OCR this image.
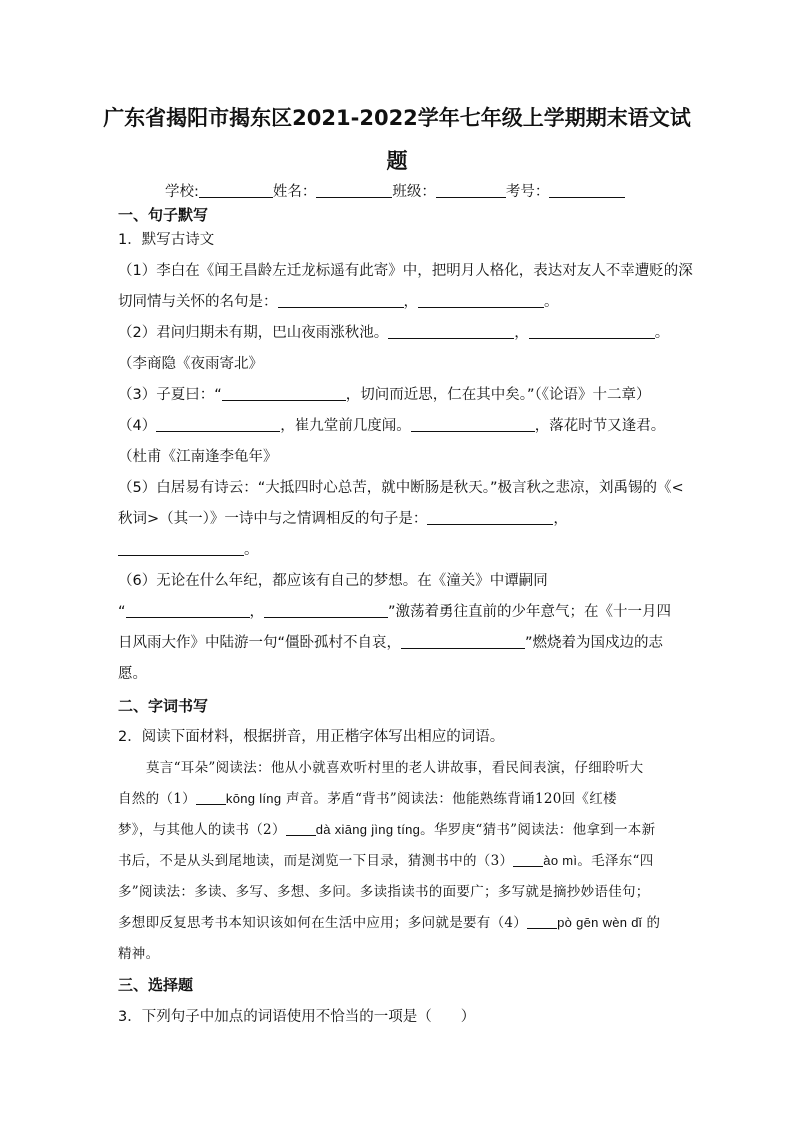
广东省揭阳市揭东区2021-2022学年七年级上学期期末语文试
题
学校:	姓名：	班级：	考号：
一、句子默写
1．默写古诗文
（1）李白在《闻王昌龄左迁龙标遥有此寄》中，把明月人格化，表达对友人不幸遭贬的深
切同情与关怀的名句是：	，	。
（2）君问归期未有期，巴山夜雨涨秋池。	，	。
（李商隐《夜雨寄北》
（3）子夏曰：“	，切问而近思，仁在其中矣。”（《论语》十二章）
（4）	，崔九堂前几度闻。	，落花时节又逢君。
（杜甫《江南逢李龟年》
（5）白居易有诗云：“大抵四时心总苦，就中断肠是秋天。”极言秋之悲凉，刘禹锡的《<
秋词>（其一）》一诗中与之情调相反的句子是：	，
。
（6）无论在什么年纪，都应该有自己的梦想。在《潼关》中谭嗣同
“	，	”激荡着勇往直前的少年意气；在《十一月四
日风雨大作》中陆游一句“僵卧孤村不自哀，	”燃烧着为国戍边的志
愿。
二、字词书写
2．阅读下面材料，根据拼音，用正楷字体写出相应的词语。
莫言“耳朵”阅读法：他从小就喜欢听村里的老人讲故事，看民间表演，仔细聆听大
自然的（1） kōng líng 声音。茅盾“背书”阅读法：他能熟练背诵120回《红楼
梦》，与其他人的读书（2） dà xiāng jìng tíng。华罗庚“猜书”阅读法：他拿到一本新
书后，不是从头到尾地读，而是浏览一下目录，猜测书中的（3） ào mì。毛泽东“四
多”阅读法：多读、多写、多想、多问。多读指读书的面要广；多写就是摘抄妙语佳句；
多想即反复思考书本知识该如何在生活中应用；多问就是要有（4） pò gēn wèn dǐ 的
精神。
三、选择题
3．下列句子中加点的词语使用不恰当的一项是（　　）
